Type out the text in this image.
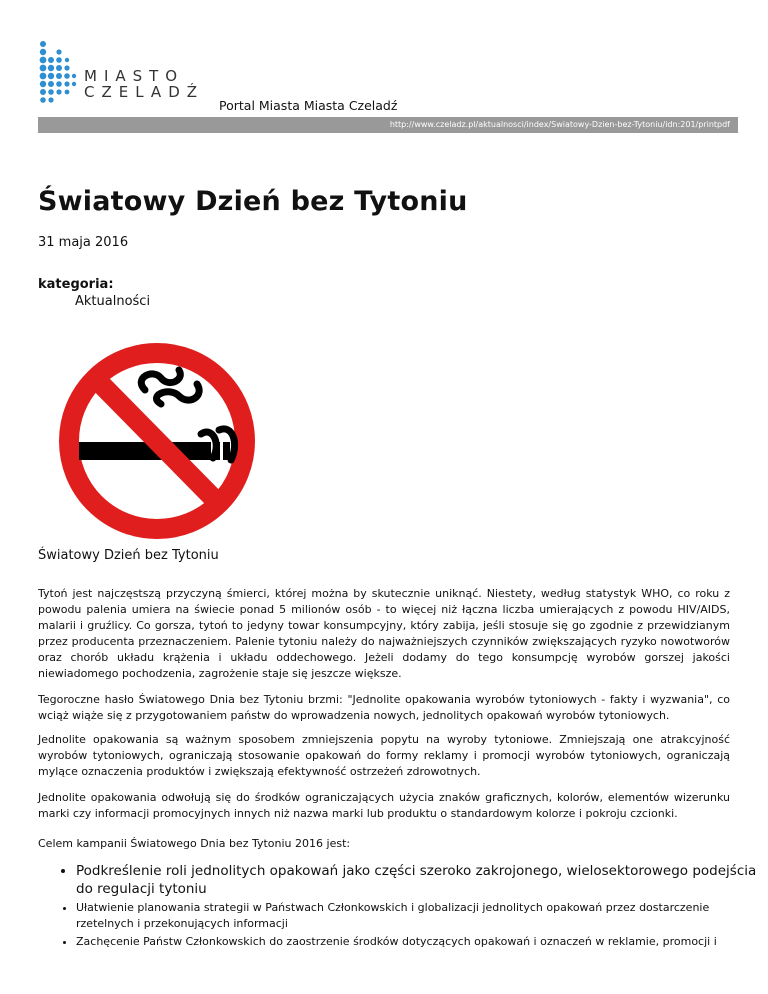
MIASTO
CZELADŹ
Portal Miasta Miasta Czeladź
http://www.czeladz.pl/aktualnosci/index/Swiatowy-Dzien-bez-Tytoniu/idn:201/printpdf
Światowy Dzień bez Tytoniu
31 maja 2016
kategoria:
Aktualności
Światowy Dzień bez Tytoniu
Tytoń jest najczęstszą przyczyną śmierci, której można by skutecznie uniknąć. Niestety, według statystyk WHO, co roku z powodu palenia umiera na świecie ponad 5 milionów osób - to więcej niż łączna liczba umierających z powodu HIV/AIDS, malarii i gruźlicy. Co gorsza, tytoń to jedyny towar konsumpcyjny, który zabija, jeśli stosuje się go zgodnie z przewidzianym przez producenta przeznaczeniem. Palenie tytoniu należy do najważniejszych czynników zwiększających ryzyko nowotworów oraz chorób układu krążenia i układu oddechowego. Jeżeli dodamy do tego konsumpcję wyrobów gorszej jakości niewiadomego pochodzenia, zagrożenie staje się jeszcze większe.
Tegoroczne hasło Światowego Dnia bez Tytoniu brzmi: "Jednolite opakowania wyrobów tytoniowych - fakty i wyzwania", co wciąż wiąże się z przygotowaniem państw do wprowadzenia nowych, jednolitych opakowań wyrobów tytoniowych.
Jednolite opakowania są ważnym sposobem zmniejszenia popytu na wyroby tytoniowe. Zmniejszają one atrakcyjność wyrobów tytoniowych, ograniczają stosowanie opakowań do formy reklamy i promocji wyrobów tytoniowych, ograniczają mylące oznaczenia produktów i zwiększają efektywność ostrzeżeń zdrowotnych.
Jednolite opakowania odwołują się do środków ograniczających użycia znaków graficznych, kolorów, elementów wizerunku marki czy informacji promocyjnych innych niż nazwa marki lub produktu o standardowym kolorze i pokroju czcionki.
Celem kampanii Światowego Dnia bez Tytoniu 2016 jest:
• Podkreślenie roli jednolitych opakowań jako części szeroko zakrojonego, wielosektorowego podejścia do regulacji tytoniu
• Ułatwienie planowania strategii w Państwach Członkowskich i globalizacji jednolitych opakowań przez dostarczenie rzetelnych i przekonujących informacji
• Zachęcenie Państw Członkowskich do zaostrzenie środków dotyczących opakowań i oznaczeń w reklamie, promocji i
